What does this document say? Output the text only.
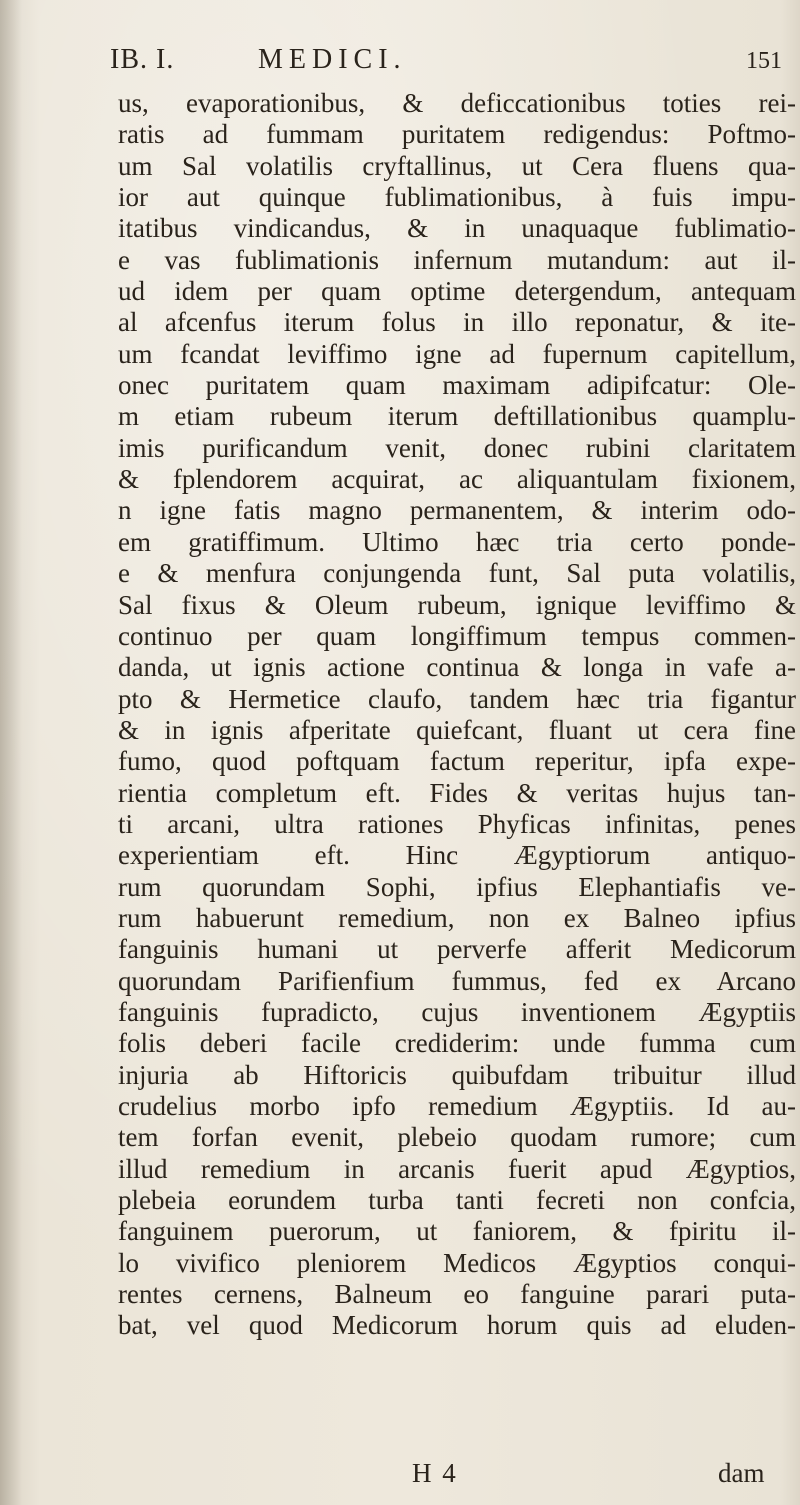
IB. I.	MEDICI.	151
us, evaporationibus, & deficcationibus toties rei-
ratis ad fummam puritatem redigendus: Poftmo-
um Sal volatilis cryftallinus, ut Cera fluens qua-
ior aut quinque fublimationibus, à fuis impu-
itatibus vindicandus, & in unaquaque fublimatio-
e vas fublimationis infernum mutandum: aut il-
ud idem per quam optime detergendum, antequam
al afcenfus iterum folus in illo reponatur, & ite-
um fcandat leviffimo igne ad fupernum capitellum,
onec puritatem quam maximam adipifcatur: Ole-
m etiam rubeum iterum deftillationibus quamplu-
imis purificandum venit, donec rubini claritatem
& fplendorem acquirat, ac aliquantulam fixionem,
n igne fatis magno permanentem, & interim odo-
em gratiffimum. Ultimo hæc tria certo ponde-
e & menfura conjungenda funt, Sal puta volatilis,
Sal fixus & Oleum rubeum, ignique leviffimo &
continuo per quam longiffimum tempus commen-
danda, ut ignis actione continua & longa in vafe a-
pto & Hermetice claufo, tandem hæc tria figantur
& in ignis afperitate quiefcant, fluant ut cera fine
fumo, quod poftquam factum reperitur, ipfa expe-
rientia completum eft. Fides & veritas hujus tan-
ti arcani, ultra rationes Phyficas infinitas, penes
experientiam eft. Hinc Ægyptiorum antiquo-
rum quorundam Sophi, ipfius Elephantiafis ve-
rum habuerunt remedium, non ex Balneo ipfius
fanguinis humani ut perverfe afferit Medicorum
quorundam Parifienfium fummus, fed ex Arcano
fanguinis fupradicto, cujus inventionem Ægyptiis
folis deberi facile crediderim: unde fumma cum
injuria ab Hiftoricis quibufdam tribuitur illud
crudelius morbo ipfo remedium Ægyptiis. Id au-
tem forfan evenit, plebeio quodam rumore; cum
illud remedium in arcanis fuerit apud Ægyptios,
plebeia eorundem turba tanti fecreti non confcia,
fanguinem puerorum, ut faniorem, & fpiritu il-
lo vivifico pleniorem Medicos Ægyptios conqui-
rentes cernens, Balneum eo fanguine parari puta-
bat, vel quod Medicorum horum quis ad eluden-
H 4	dam
